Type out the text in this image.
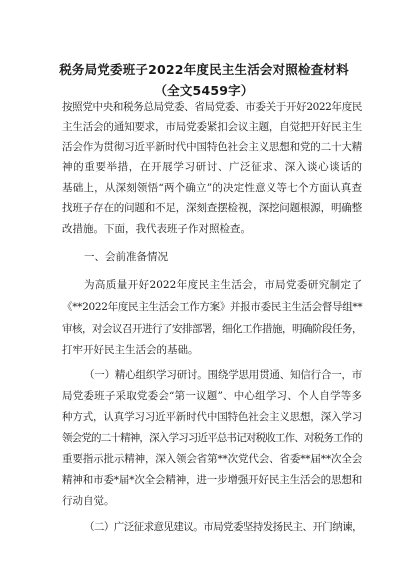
税务局党委班子2022年度民主生活会对照检查材料
（全文5459字）
按照党中央和税务总局党委、省局党委、市委关于开好2022年度民
主生活会的通知要求，市局党委紧扣会议主题，自觉把开好民主生
活会作为贯彻习近平新时代中国特色社会主义思想和党的二十大精
神的重要举措，在开展学习研讨、广泛征求、深入谈心谈话的
基础上，从深刻领悟“两个确立”的决定性意义等七个方面认真查
找班子存在的问题和不足，深刻查摆检视，深挖问题根源，明确整
改措施。下面，我代表班子作对照检查。
一、会前准备情况
为高质量开好2022年度民主生活会，市局党委研究制定了
《**2022年度民主生活会工作方案》并报市委民主生活会督导组**
审核，对会议召开进行了安排部署，细化工作措施，明确阶段任务，
打牢开好民主生活会的基础。
（一）精心组织学习研讨。围绕学思用贯通、知信行合一，市
局党委班子采取党委会“第一议题”、中心组学习、个人自学等多
种方式，认真学习习近平新时代中国特色社会主义思想，深入学习
领会党的二十精神，深入学习习近平总书记对税收工作、对税务工作的
重要指示批示精神，深入领会省第**次党代会、省委**届**次全会
精神和市委*届*次全会精神，进一步增强开好民主生活会的思想和
行动自觉。
（二）广泛征求意见建议。市局党委坚持发扬民主、开门纳谏，
